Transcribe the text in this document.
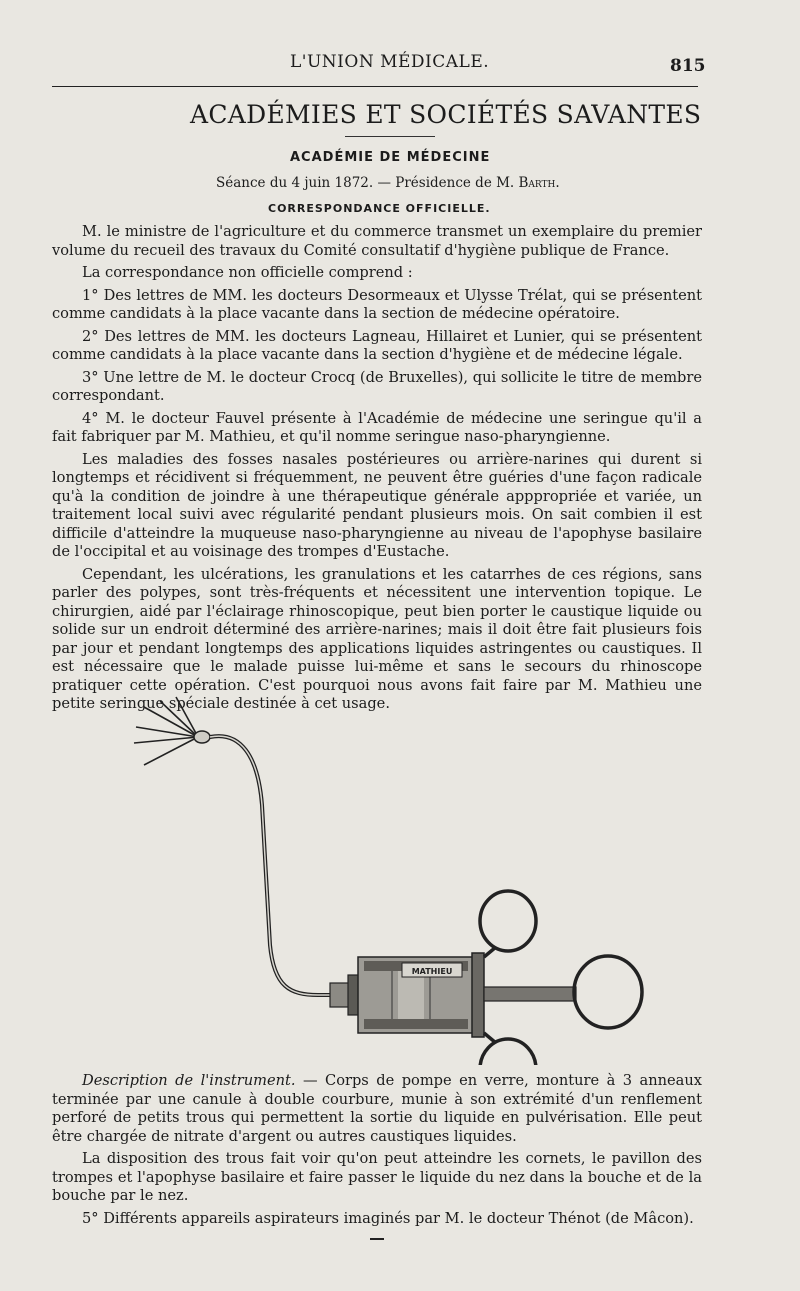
L'UNION MÉDICALE.	815
ACADÉMIES ET SOCIÉTÉS SAVANTES
ACADÉMIE DE MÉDECINE
Séance du 4 juin 1872. — Présidence de M. Barth.
CORRESPONDANCE OFFICIELLE.

M. le ministre de l'agriculture et du commerce transmet un exemplaire du premier volume du recueil des travaux du Comité consultatif d'hygiène publique de France.

La correspondance non officielle comprend :

1° Des lettres de MM. les docteurs Desormeaux et Ulysse Trélat, qui se présentent comme candidats à la place vacante dans la section de médecine opératoire.

2° Des lettres de MM. les docteurs Lagneau, Hillairet et Lunier, qui se présentent comme candidats à la place vacante dans la section d'hygiène et de médecine légale.

3° Une lettre de M. le docteur Crocq (de Bruxelles), qui sollicite le titre de membre correspondant.

4° M. le docteur Fauvel présente à l'Académie de médecine une seringue qu'il a fait fabriquer par M. Mathieu, et qu'il nomme seringue naso-pharyngienne.

Les maladies des fosses nasales postérieures ou arrière-narines qui durent si longtemps et récidivent si fréquemment, ne peuvent être guéries d'une façon radicale qu'à la condition de joindre à une thérapeutique générale apppropriée et variée, un traitement local suivi avec régularité pendant plusieurs mois. On sait combien il est difficile d'atteindre la muqueuse naso-pharyngienne au niveau de l'apophyse basilaire de l'occipital et au voisinage des trompes d'Eustache.

Cependant, les ulcérations, les granulations et les catarrhes de ces régions, sans parler des polypes, sont très-fréquents et nécessitent une intervention topique. Le chirurgien, aidé par l'éclairage rhinoscopique, peut bien porter le caustique liquide ou solide sur un endroit déterminé des arrière-narines; mais il doit être fait plusieurs fois par jour et pendant longtemps des applications liquides astringentes ou caustiques. Il est nécessaire que le malade puisse lui-même et sans le secours du rhinoscope pratiquer cette opération. C'est pourquoi nous avons fait faire par M. Mathieu une petite seringue spéciale destinée à cet usage.

MATHIEU

Description de l'instrument. — Corps de pompe en verre, monture à 3 anneaux terminée par une canule à double courbure, munie à son extrémité d'un renflement perforé de petits trous qui permettent la sortie du liquide en pulvérisation. Elle peut être chargée de nitrate d'argent ou autres caustiques liquides.

La disposition des trous fait voir qu'on peut atteindre les cornets, le pavillon des trompes et l'apophyse basilaire et faire passer le liquide du nez dans la bouche et de la bouche par le nez.

5° Différents appareils aspirateurs imaginés par M. le docteur Thénot (de Mâcon).
